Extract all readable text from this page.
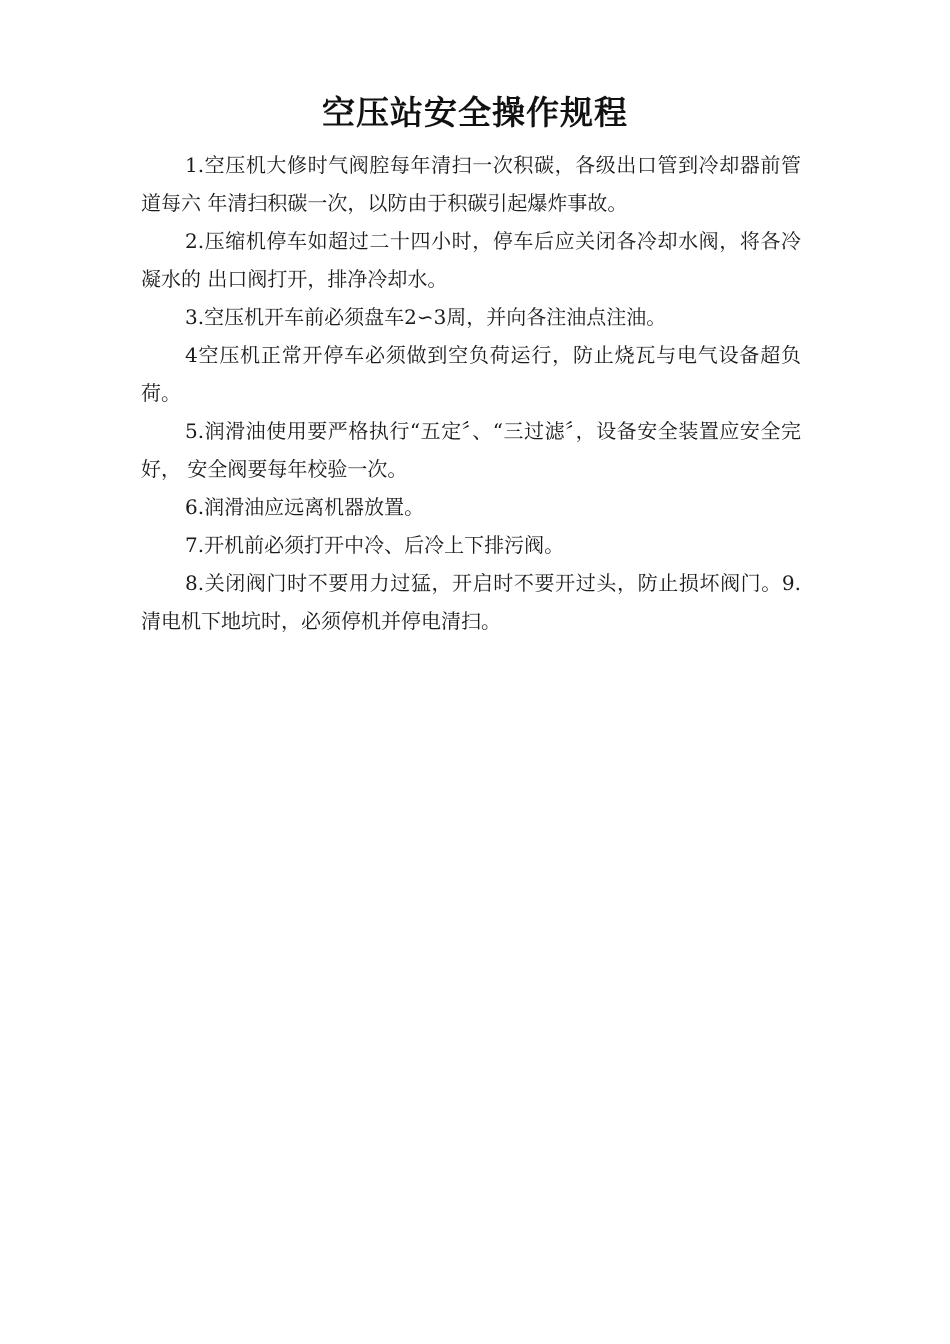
空压站安全操作规程

1.空压机大修时气阀腔每年清扫一次积碳，各级出口管到冷却器前管道每六 年清扫积碳一次，以防由于积碳引起爆炸事故。

2.压缩机停车如超过二十四小时，停车后应关闭各冷却水阀，将各冷凝水的 出口阀打开，排净冷却水。

3.空压机开车前必须盘车2∽3周，并向各注油点注油。

4空压机正常开停车必须做到空负荷运行，防止烧瓦与电气设备超负荷。

5.润滑油使用要严格执行“五定〞、“三过滤〞，设备安全装置应安全完好， 安全阀要每年校验一次。

6.润滑油应远离机器放置。

7.开机前必须打开中冷、后冷上下排污阀。

8.关闭阀门时不要用力过猛，开启时不要开过头，防止损坏阀门。9.清电机下地坑时，必须停机并停电清扫。
